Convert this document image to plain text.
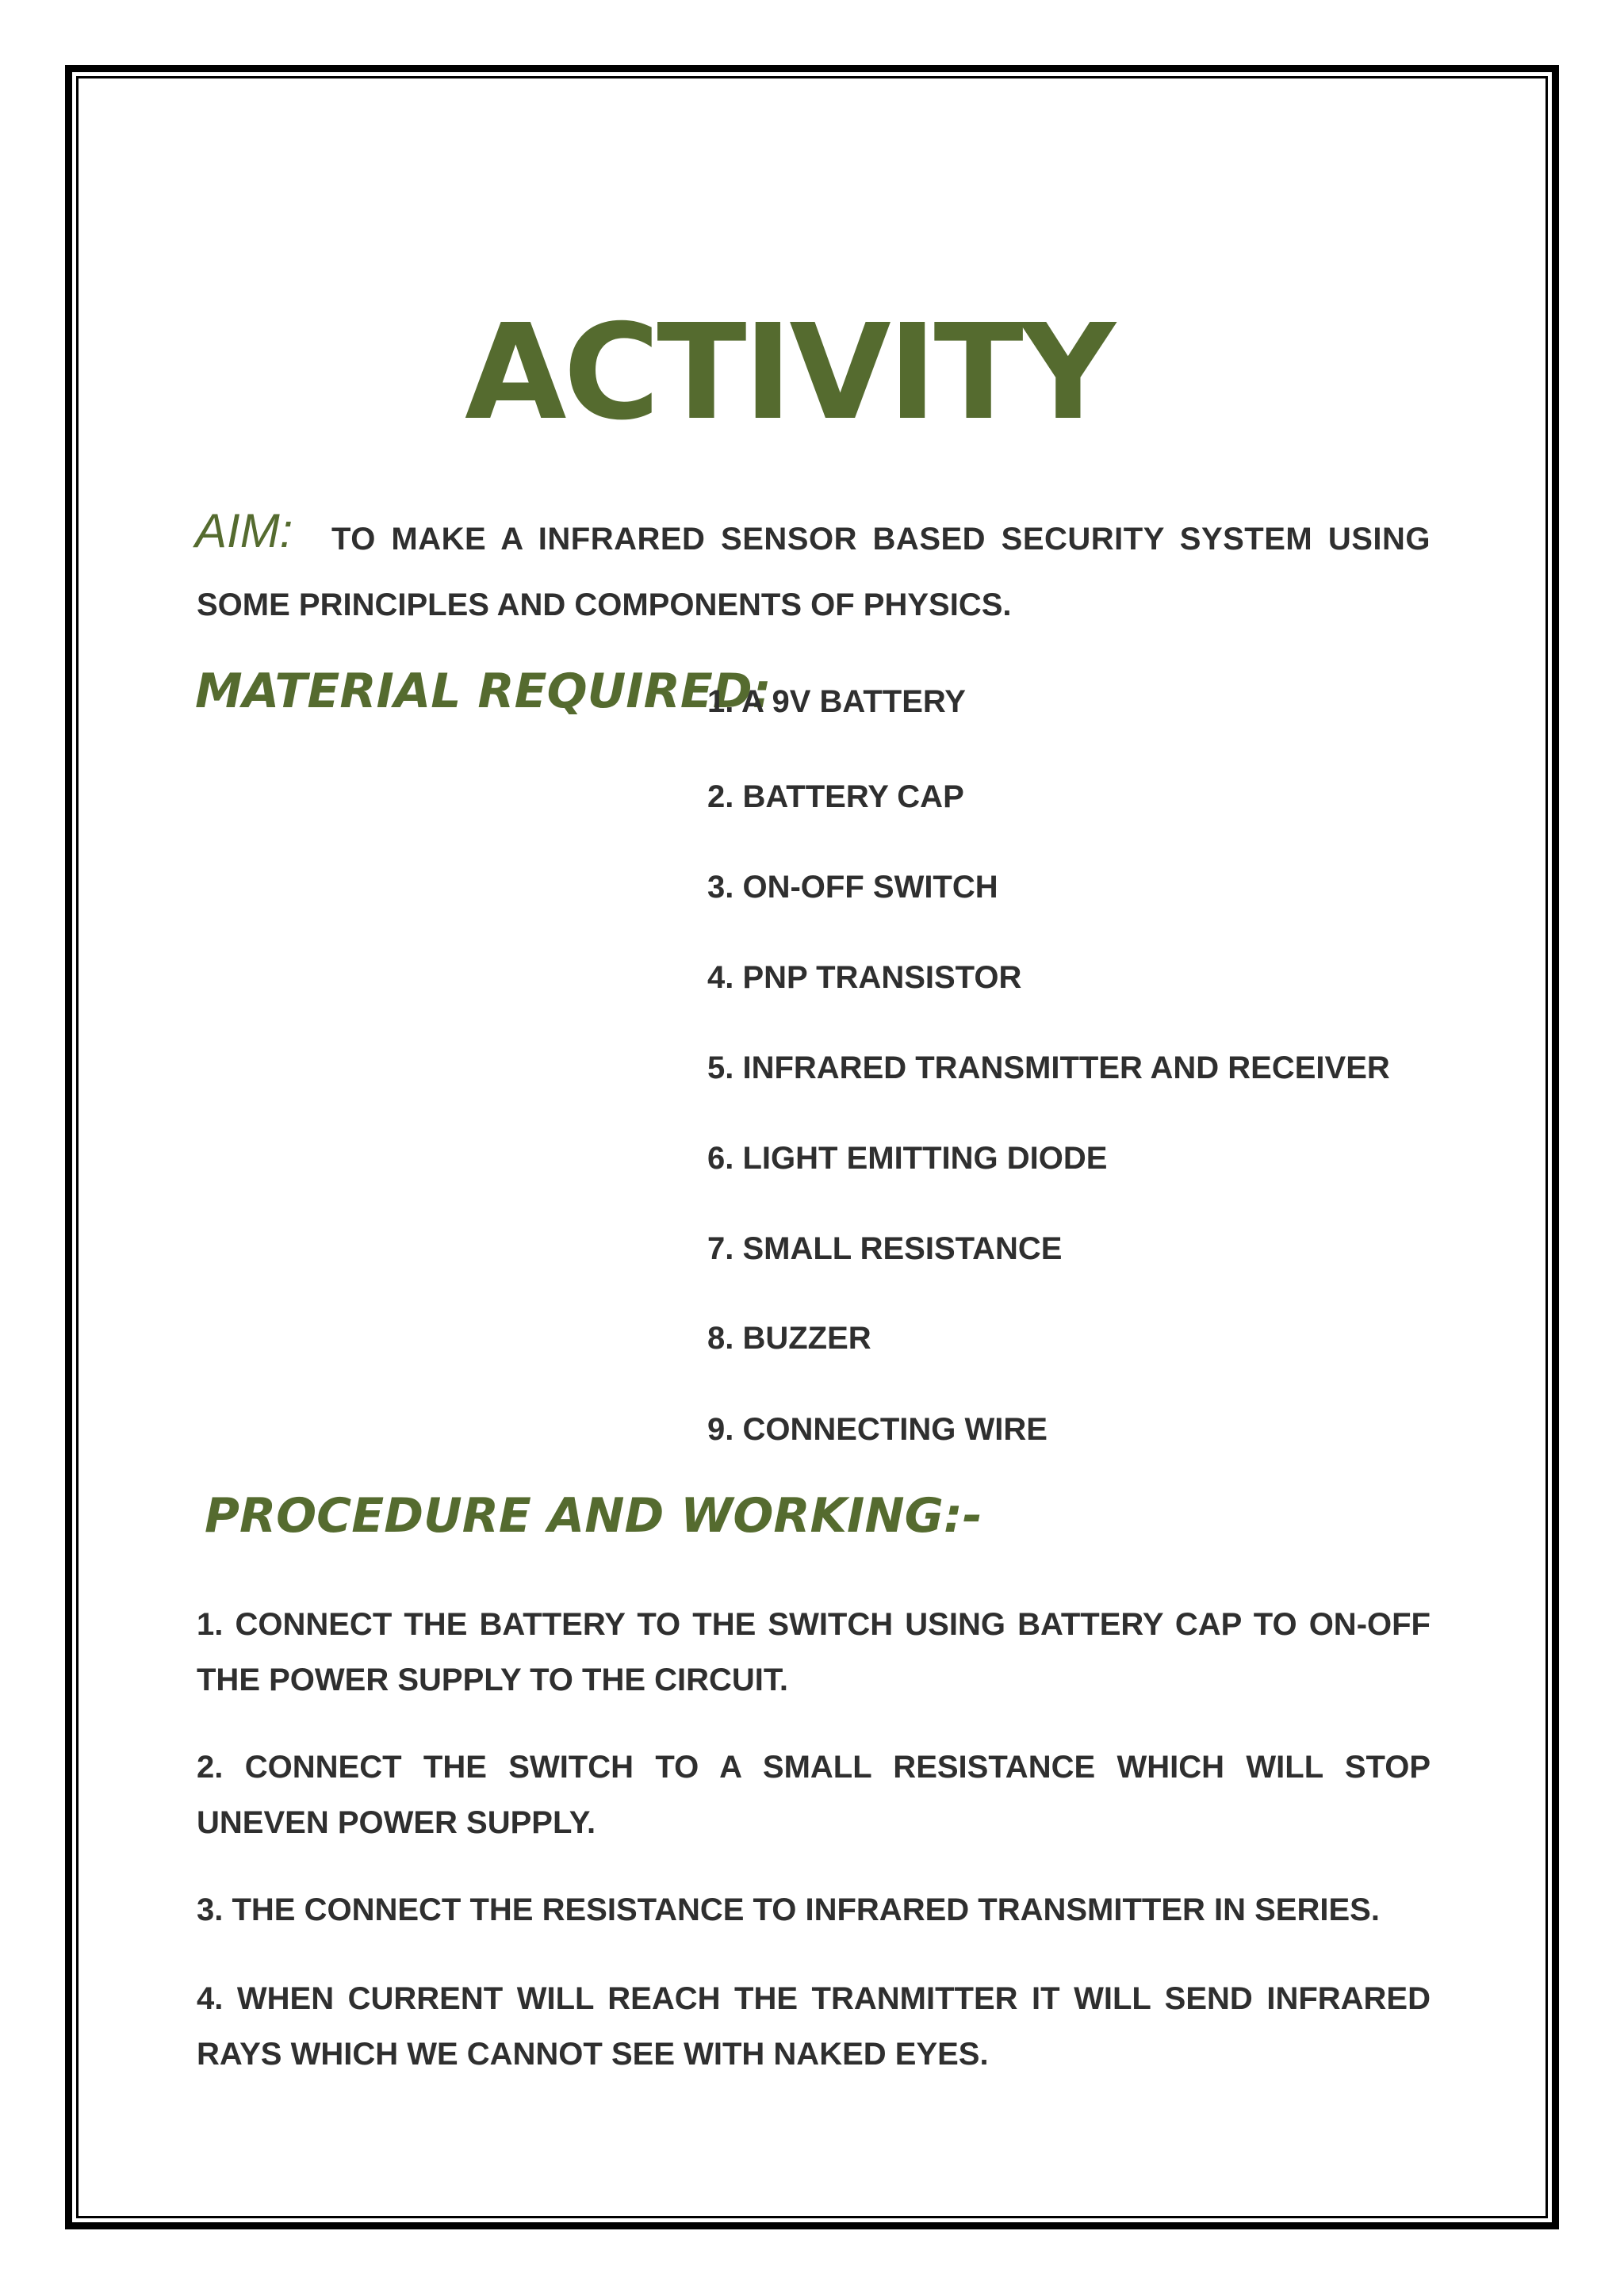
ACTIVITY
TO MAKE A INFRARED SENSOR BASED SECURITY SYSTEM USING
AIM:
SOME PRINCIPLES AND COMPONENTS OF PHYSICS.
MATERIAL REQUIRED:
1. A 9V BATTERY
2. BATTERY CAP
3. ON-OFF SWITCH
4. PNP TRANSISTOR
5. INFRARED TRANSMITTER AND RECEIVER
6. LIGHT EMITTING DIODE
7. SMALL RESISTANCE
8. BUZZER
9. CONNECTING WIRE
PROCEDURE AND WORKING:-

1. CONNECT THE BATTERY TO THE SWITCH USING BATTERY CAP TO ON-OFF THE POWER SUPPLY TO THE CIRCUIT.

2. CONNECT THE SWITCH TO A SMALL RESISTANCE WHICH WILL STOP UNEVEN POWER SUPPLY.

3. THE CONNECT THE RESISTANCE TO INFRARED TRANSMITTER IN SERIES.

4. WHEN CURRENT WILL REACH THE TRANMITTER IT WILL SEND INFRARED RAYS WHICH WE CANNOT SEE WITH NAKED EYES.
